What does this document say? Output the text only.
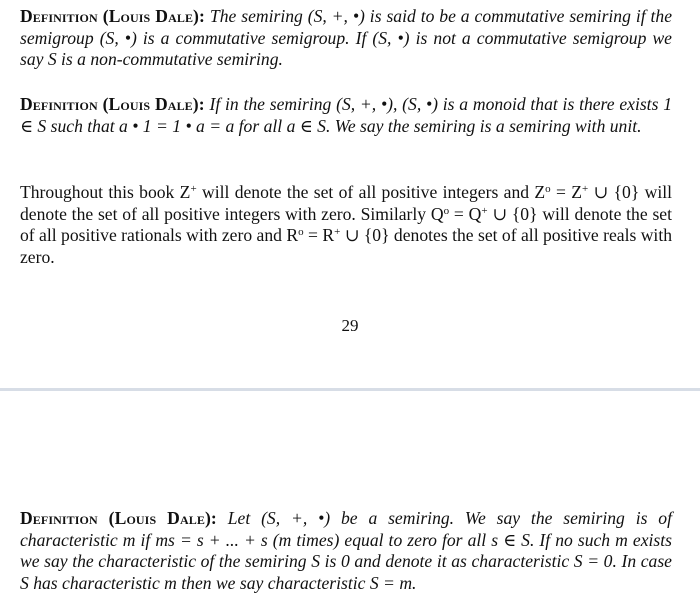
Definition (Louis Dale): The semiring (S, +, •) is said to be a commutative semiring if the semigroup (S, •) is a commutative semigroup. If (S, •) is not a commutative semigroup we say S is a non-commutative semiring.

Definition (Louis Dale): If in the semiring (S, +, •), (S, •) is a monoid that is there exists 1 ∈ S such that a • 1 = 1 • a = a for all a ∈ S. We say the semiring is a semiring with unit.

Throughout this book Z+ will denote the set of all positive integers and $Z^o = Z^+$ ∪ {0} will denote the set of all positive integers with zero. Similarly $Q^o = Q^+$ ∪ {0} will denote the set of all positive rationals with zero and $R^o = R^+$ ∪ {0} denotes the set of all positive reals with zero.

29

Definition (Louis Dale): Let (S, +, •) be a semiring. We say the semiring is of characteristic m if ms = s + ... + s (m times) equal to zero for all s ∈ S. If no such m exists we say the characteristic of the semiring S is 0 and denote it as characteristic S = 0. In case S has characteristic m then we say characteristic S = m.
